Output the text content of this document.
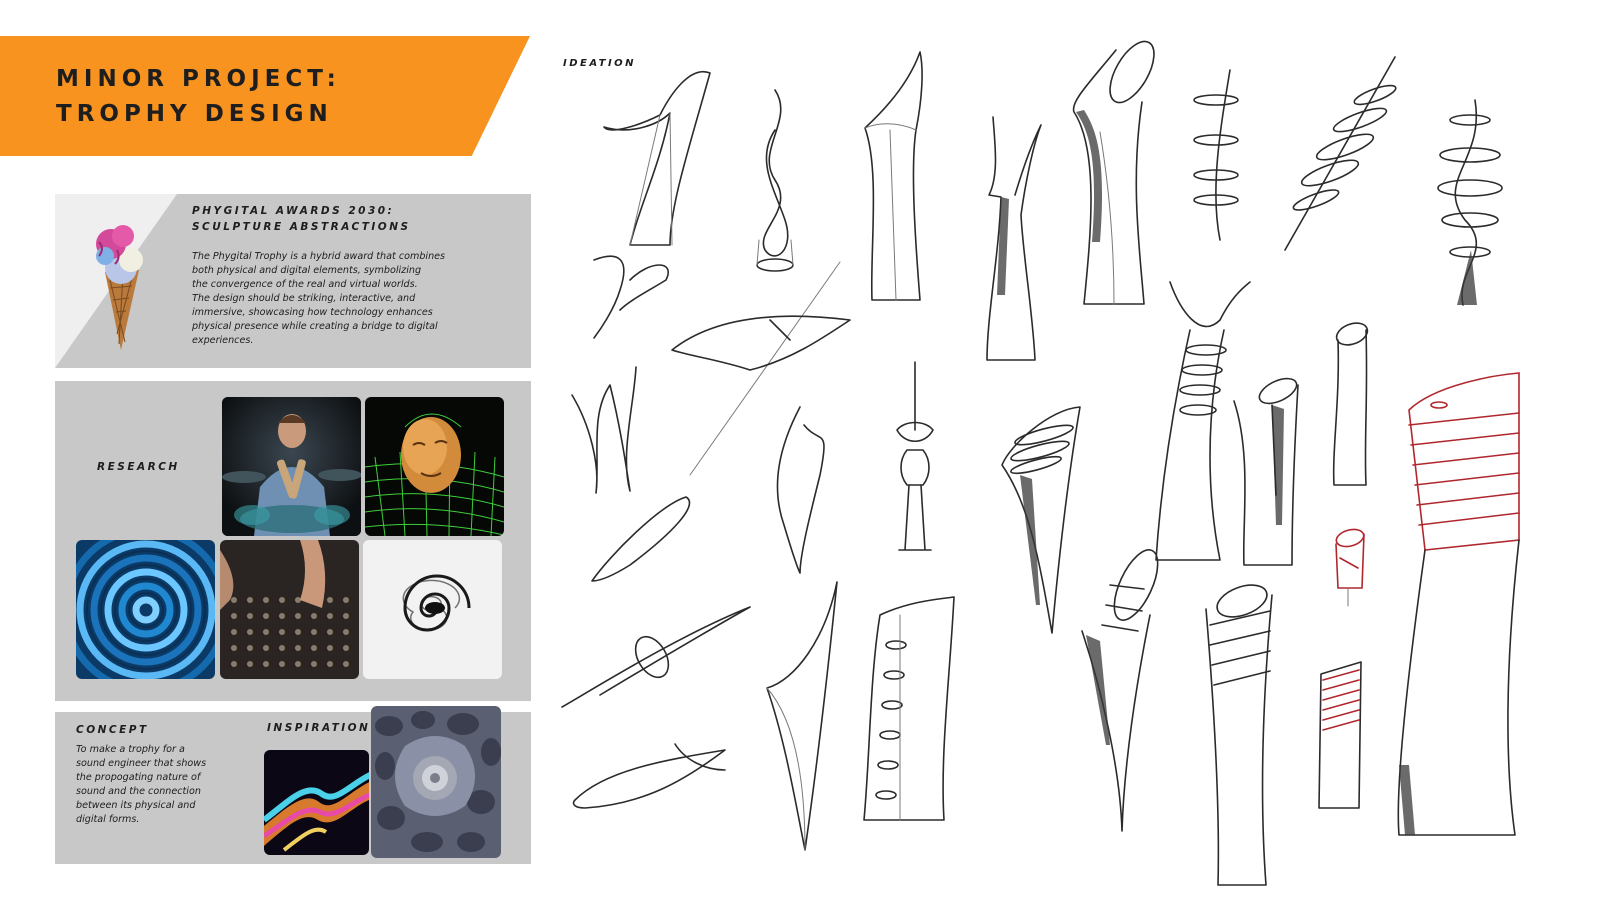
MINOR PROJECT:
TROPHY DESIGN
PHYGITAL AWARDS 2030:
SCULPTURE ABSTRACTIONS
The Phygital Trophy is a hybrid award that combines
both physical and digital elements, symbolizing
the convergence of the real and virtual worlds.
The design should be striking, interactive, and
immersive, showcasing how technology enhances
physical presence while creating a bridge to digital
experiences.
RESEARCH
CONCEPT
To make a trophy for a
sound engineer that shows
the propogating nature of
sound and the connection
between its physical and
digital forms.
INSPIRATION
IDEATION
